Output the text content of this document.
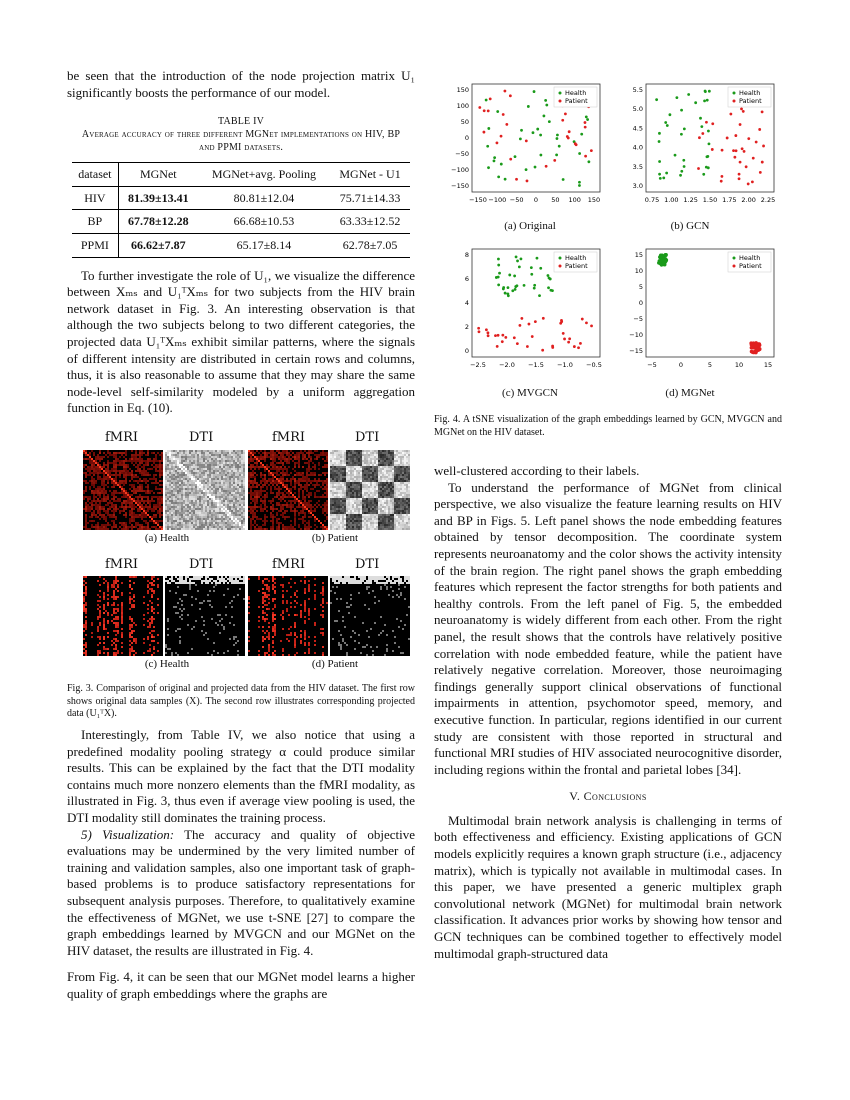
be seen that the introduction of the node projection matrix U₁ significantly boosts the performance of our model.

TABLE IV
Average accuracy of three different MGNet implementations on HIV, BP and PPMI datasets.
dataset	MGNet	MGNet+avg. Pooling	MGNet - U1
HIV	81.39±13.41	80.81±12.04	75.71±14.33
BP	67.78±12.28	66.68±10.53	63.33±12.52
PPMI	66.62±7.87	65.17±8.14	62.78±7.05

To further investigate the role of U₁, we visualize the difference between Xₘₛ and U₁ᵀXₘₛ for two subjects from the HIV brain network dataset in Fig. 3. An interesting observation is that although the two subjects belong to two different categories, the projected data U₁ᵀXₘₛ exhibit similar patterns, where the signals of different intensity are distributed in certain rows and columns, thus, it is also reasonable to assume that they may share the same node-level self-similarity modeled by a uniform aggregation function in Eq. (10).

fMRI	DTI	fMRI	DTI
(a) Health	(b) Patient
fMRI	DTI	fMRI	DTI
(c) Health	(d) Patient
Fig. 3. Comparison of original and projected data from the HIV dataset. The first row shows original data samples (X). The second row illustrates corresponding projected data (U₁ᵀX).

Interestingly, from Table IV, we also notice that using a predefined modality pooling strategy α could produce similar results. This can be explained by the fact that the DTI modality contains much more nonzero elements than the fMRI modality, as illustrated in Fig. 3, thus even if average view pooling is used, the DTI modality still dominates the training process.

5) Visualization: The accuracy and quality of objective evaluations may be undermined by the very limited number of training and validation samples, also one important task of graph-based problems is to produce satisfactory representations for subsequent analysis purposes. Therefore, to qualitatively examine the effectiveness of MGNet, we use t-SNE [27] to compare the graph embeddings learned by MVGCN and our MGNet on the HIV dataset, the results are illustrated in Fig. 4.

From Fig. 4, it can be seen that our MGNet model learns a higher quality of graph embeddings where the graphs are

−150 −100 −50 0 50 100 150
150
100
50
0
−50
−100
−150
Health
Patient
0.75 1.00 1.25 1.50 1.75 2.00 2.25
5.5
5.0
4.5
4.0
3.5
3.0
Health
Patient
(a) Original	(b) GCN
−2.5 −2.0 −1.5 −1.0 −0.5
8
6
4
2
0
Health
Patient
−5	0	5	10	15
15
10
5
0
−5
−10
−15
Health
Patient
(c) MVGCN	(d) MGNet
Fig. 4. A tSNE visualization of the graph embeddings learned by GCN, MVGCN and MGNet on the HIV dataset.

well-clustered according to their labels.

To understand the performance of MGNet from clinical perspective, we also visualize the feature learning results on HIV and BP in Figs. 5. Left panel shows the node embedding features obtained by tensor decomposition. The coordinate system represents neuroanatomy and the color shows the activity intensity of the brain region. The right panel shows the graph embedding features which represent the factor strengths for both patients and healthy controls. From the left panel of Fig. 5, the embedded neuroanatomy is widely different from each other. From the right panel, the result shows that the controls have relatively positive correlation with node embedded feature, while the patient have relatively negative correlation. Moreover, those neuroimaging findings generally support clinical observations of functional impairments in attention, psychomotor speed, memory, and executive function. In particular, regions identified in our current study are consistent with those reported in structural and functional MRI studies of HIV associated neurocognitive disorder, including regions within the frontal and parietal lobes [34].

V. Conclusions

Multimodal brain network analysis is challenging in terms of both effectiveness and efficiency. Existing applications of GCN models explicitly requires a known graph structure (i.e., adjacency matrix), which is typically not available in multimodal cases. In this paper, we have presented a generic multiplex graph convolutional network (MGNet) for multimodal brain network classification. It advances prior works by showing how tensor and GCN techniques can be combined together to effectively model multimodal graph-structured data
